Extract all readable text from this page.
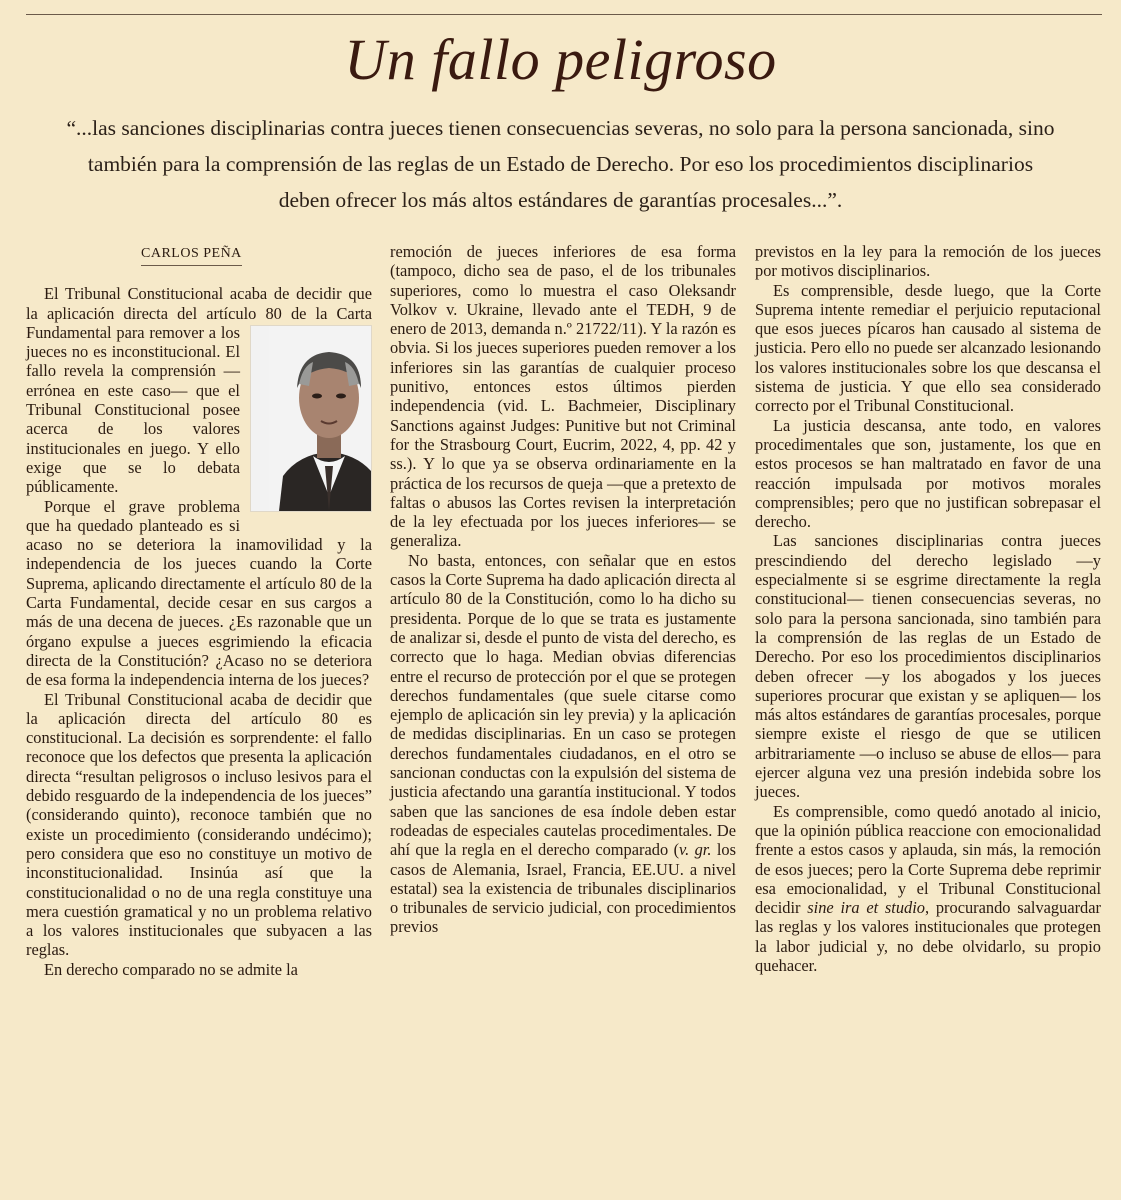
Un fallo peligroso
“...las sanciones disciplinarias contra jueces tienen consecuencias severas, no solo para la persona sancionada, sino también para la comprensión de las reglas de un Estado de Derecho. Por eso los procedimientos disciplinarios deben ofrecer los más altos estándares de garantías procesales...”.
CARLOS PEÑA

El Tribunal Constitucional acaba de decidir que la aplicación directa del artículo 80 de la Carta Fundamental para remover
a los jueces no es inconstitucional. El fallo revela la comprensión —errónea en este caso— que el Tribunal Constitucional posee acerca de los valores institucionales en juego. Y ello exige que se lo debata públicamente.

Porque el grave problema que ha quedado planteado es si acaso no se deteriora la inamovilidad y la independencia de los jueces cuando la Corte Suprema, aplicando directamente el artículo 80 de la Carta Fundamental, decide cesar en sus cargos a más de una decena de jueces. ¿Es razonable que un órgano expulse a jueces esgrimiendo la eficacia directa de la Constitución? ¿Acaso no se deteriora de esa forma la independencia interna de los jueces?

El Tribunal Constitucional acaba de decidir que la aplicación directa del artículo 80 es constitucional. La decisión es sorprendente: el fallo reconoce que los defectos que presenta la aplicación directa “resultan peligrosos o incluso lesivos para el debido resguardo de la independencia de los jueces” (considerando quinto), reconoce también que no existe un procedimiento (considerando undécimo); pero considera que eso no constituye un motivo de inconstitucionalidad. Insinúa así que la constitucionalidad o no de una regla constituye una mera cuestión gramatical y no un problema relativo a los valores institucionales que subyacen a las reglas.

En derecho comparado no se admite la

remoción de jueces inferiores de esa forma (tampoco, dicho sea de paso, el de los tribunales superiores, como lo muestra el caso Oleksandr Volkov v. Ukraine, llevado ante el TEDH, 9 de enero de 2013, demanda n.º 21722/11). Y la razón es obvia. Si los jueces superiores pueden remover a los inferiores sin las garantías de cualquier proceso punitivo, entonces estos últimos pierden independencia (vid. L. Bachmeier, Disciplinary Sanctions against Judges: Punitive but not Criminal for the Strasbourg Court, Eucrim, 2022, 4, pp. 42 y ss.). Y lo que ya se observa ordinariamente en la práctica de los recursos de queja —que a pretexto de faltas o abusos las Cortes revisen la interpretación de la ley efectuada por los jueces inferiores— se generaliza.

No basta, entonces, con señalar que en estos casos la Corte Suprema ha dado aplicación directa al artículo 80 de la Constitución, como lo ha dicho su presidenta. Porque de lo que se trata es justamente de analizar si, desde el punto de vista del derecho, es correcto que lo haga. Median obvias diferencias entre el recurso de protección por el que se protegen derechos fundamentales (que suele citarse como ejemplo de aplicación sin ley previa) y la aplicación de medidas disciplinarias. En un caso se protegen derechos fundamentales ciudadanos, en el otro se sancionan conductas con la expulsión del sistema de justicia afectando una garantía institucional. Y todos saben que las sanciones de esa índole deben estar rodeadas de especiales cautelas procedimentales. De ahí que la regla en el derecho comparado (v. gr. los casos de Alemania, Israel, Francia, EE.UU. a nivel estatal) sea la existencia de tribunales disciplinarios o tribunales de servicio judicial, con procedimientos previos

previstos en la ley para la remoción de los jueces por motivos disciplinarios.

Es comprensible, desde luego, que la Corte Suprema intente remediar el perjuicio reputacional que esos jueces pícaros han causado al sistema de justicia. Pero ello no puede ser alcanzado lesionando los valores institucionales sobre los que descansa el sistema de justicia. Y que ello sea considerado correcto por el Tribunal Constitucional.

La justicia descansa, ante todo, en valores procedimentales que son, justamente, los que en estos procesos se han maltratado en favor de una reacción impulsada por motivos morales comprensibles; pero que no justifican sobrepasar el derecho.

Las sanciones disciplinarias contra jueces prescindiendo del derecho legislado —y especialmente si se esgrime directamente la regla constitucional— tienen consecuencias severas, no solo para la persona sancionada, sino también para la comprensión de las reglas de un Estado de Derecho. Por eso los procedimientos disciplinarios deben ofrecer —y los abogados y los jueces superiores procurar que existan y se apliquen— los más altos estándares de garantías procesales, porque siempre existe el riesgo de que se utilicen arbitrariamente —o incluso se abuse de ellos— para ejercer alguna vez una presión indebida sobre los jueces.

Es comprensible, como quedó anotado al inicio, que la opinión pública reaccione con emocionalidad frente a estos casos y aplauda, sin más, la remoción de esos jueces; pero la Corte Suprema debe reprimir esa emocionalidad, y el Tribunal Constitucional decidir sine ira et studio, procurando salvaguardar las reglas y los valores institucionales que protegen la labor judicial y, no debe olvidarlo, su propio quehacer.
